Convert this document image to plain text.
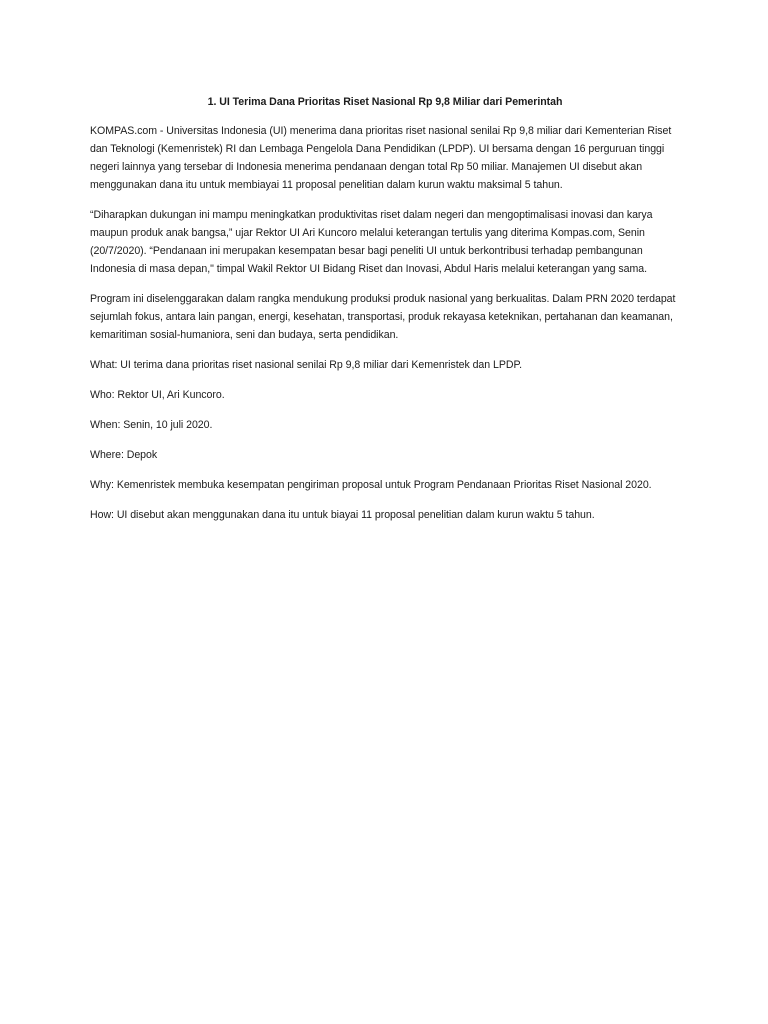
1. UI Terima Dana Prioritas Riset Nasional Rp 9,8 Miliar dari Pemerintah

KOMPAS.com - Universitas Indonesia (UI) menerima dana prioritas riset nasional senilai Rp 9,8 miliar dari Kementerian Riset dan Teknologi (Kemenristek) RI dan Lembaga Pengelola Dana Pendidikan (LPDP). UI bersama dengan 16 perguruan tinggi negeri lainnya yang tersebar di Indonesia menerima pendanaan dengan total Rp 50 miliar. Manajemen UI disebut akan menggunakan dana itu untuk membiayai 11 proposal penelitian dalam kurun waktu maksimal 5 tahun.

“Diharapkan dukungan ini mampu meningkatkan produktivitas riset dalam negeri dan mengoptimalisasi inovasi dan karya maupun produk anak bangsa,” ujar Rektor UI Ari Kuncoro melalui keterangan tertulis yang diterima Kompas.com, Senin (20/7/2020). “Pendanaan ini merupakan kesempatan besar bagi peneliti UI untuk berkontribusi terhadap pembangunan Indonesia di masa depan," timpal Wakil Rektor UI Bidang Riset dan Inovasi, Abdul Haris melalui keterangan yang sama.

Program ini diselenggarakan dalam rangka mendukung produksi produk nasional yang berkualitas. Dalam PRN 2020 terdapat sejumlah fokus, antara lain pangan, energi, kesehatan, transportasi, produk rekayasa keteknikan, pertahanan dan keamanan, kemaritiman sosial-humaniora, seni dan budaya, serta pendidikan.

What: UI terima dana prioritas riset nasional senilai Rp 9,8 miliar dari Kemenristek dan LPDP.

Who: Rektor UI, Ari Kuncoro.

When: Senin, 10 juli 2020.

Where: Depok

Why: Kemenristek membuka kesempatan pengiriman proposal untuk Program Pendanaan Prioritas Riset Nasional 2020.

How: UI disebut akan menggunakan dana itu untuk biayai 11 proposal penelitian dalam kurun waktu 5 tahun.
